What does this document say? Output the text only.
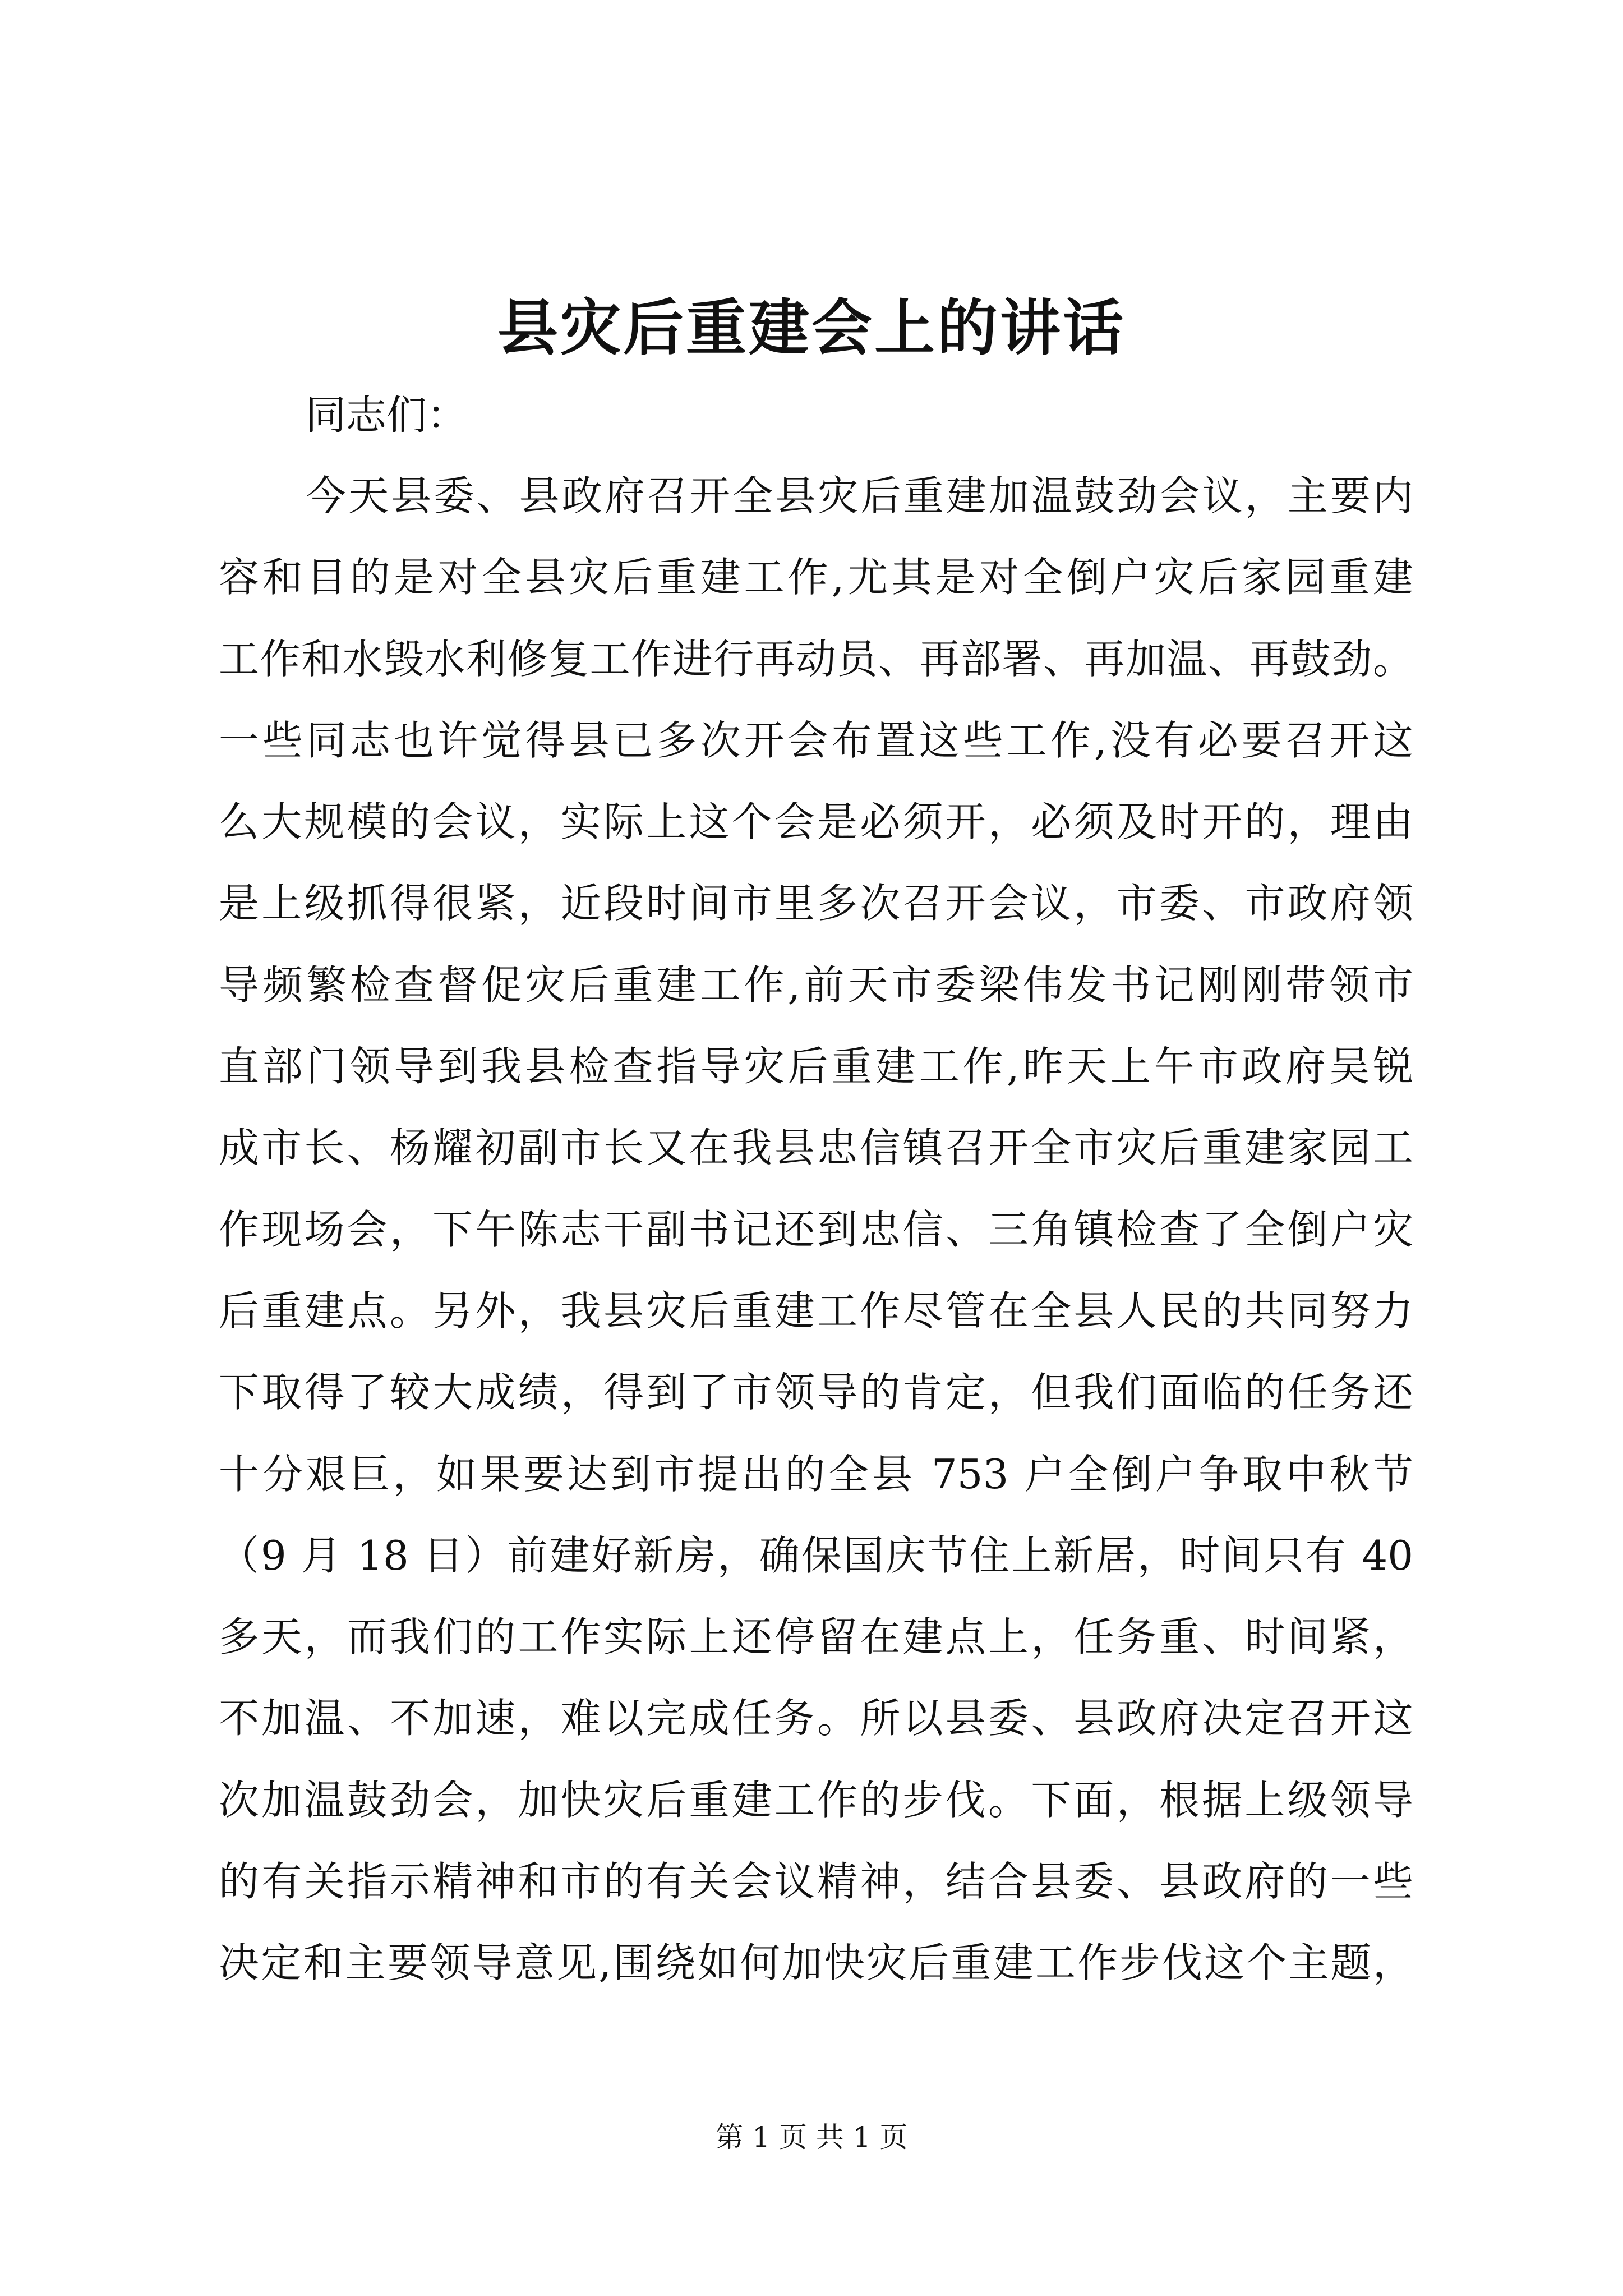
县灾后重建会上的讲话

同志们：

今天县委、县政府召开全县灾后重建加温鼓劲会议，主要内
容和目的是对全县灾后重建工作,尤其是对全倒户灾后家园重建
工作和水毁水利修复工作进行再动员、再部署、再加温、再鼓劲。
一些同志也许觉得县已多次开会布置这些工作,没有必要召开这
么大规模的会议，实际上这个会是必须开，必须及时开的，理由
是上级抓得很紧，近段时间市里多次召开会议，市委、市政府领
导频繁检查督促灾后重建工作,前天市委梁伟发书记刚刚带领市
直部门领导到我县检查指导灾后重建工作,昨天上午市政府吴锐
成市长、杨耀初副市长又在我县忠信镇召开全市灾后重建家园工
作现场会，下午陈志干副书记还到忠信、三角镇检查了全倒户灾
后重建点。另外，我县灾后重建工作尽管在全县人民的共同努力
下取得了较大成绩，得到了市领导的肯定，但我们面临的任务还
十分艰巨，如果要达到市提出的全县 753 户全倒户争取中秋节
（9 月 18 日）前建好新房，确保国庆节住上新居，时间只有 40
多天，而我们的工作实际上还停留在建点上，任务重、时间紧，
不加温、不加速，难以完成任务。所以县委、县政府决定召开这
次加温鼓劲会，加快灾后重建工作的步伐。下面，根据上级领导
的有关指示精神和市的有关会议精神，结合县委、县政府的一些
决定和主要领导意见,围绕如何加快灾后重建工作步伐这个主题，

第 1 页 共 1 页
